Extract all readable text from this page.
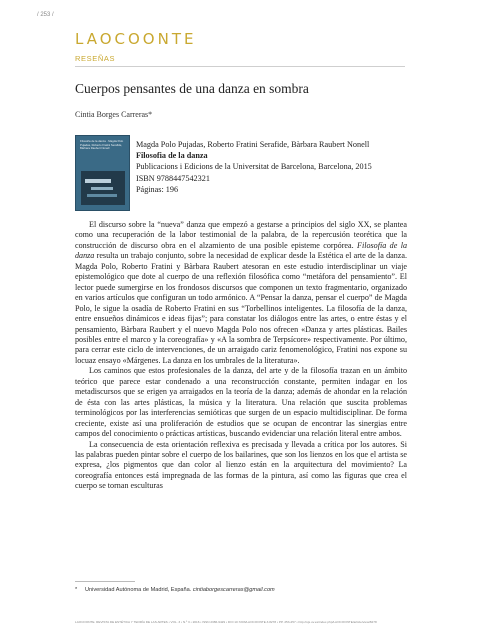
/ 253 /
LAOCOONTE
RESEÑAS
Cuerpos pensantes de una danza en sombra
Cintia Borges Carreras*
Filosofía de la danza · Magda Polo Pujadas, Roberto Fratini Serafide, Bàrbara Raubert Nonell	Magda Polo Pujadas, Roberto Fratini Serafide, Bàrbara Raubert Nonell
Filosofia de la danza
Publicacions i Edicions de la Universitat de Barcelona, Barcelona, 2015
ISBN 9788447542321
Páginas: 196

El discurso sobre la “nueva” danza que empezó a gestarse a principios del siglo XX, se plantea como una recuperación de la labor testimonial de la palabra, de la repercusión teorética que la construcción de discurso obra en el alzamiento de una posible episteme corpórea. Filosofía de la danza resulta un trabajo conjunto, sobre la necesidad de explicar desde la Estética el arte de la danza. Magda Polo, Roberto Fratini y Bàrbara Raubert atesoran en este estudio interdisciplinar un viaje epistemológico que dote al cuerpo de una reflexión filosófica como “metáfora del pensamiento”. El lector puede sumergirse en los frondosos discursos que componen un texto fragmentario, organizado en varios artículos que configuran un todo armónico. A “Pensar la danza, pensar el cuerpo” de Magda Polo, le sigue la osadía de Roberto Fratini en sus “Torbellinos inteligentes. La filosofía de la danza, entre ensueños dinámicos e ideas fijas”; para constatar los diálogos entre las artes, o entre éstas y el pensamiento, Bàrbara Raubert y el nuevo Magda Polo nos ofrecen «Danza y artes plásticas. Bailes posibles entre el marco y la coreografía» y «A la sombra de Terpsícore» respectivamente. Por último, para cerrar este ciclo de intervenciones, de un arraigado cariz fenomenológico, Fratini nos expone su locuaz ensayo «Márgenes. La danza en los umbrales de la literatura».

Los caminos que estos profesionales de la danza, del arte y de la filosofía trazan en un ámbito teórico que parece estar condenado a una reconstrucción constante, permiten indagar en los metadiscursos que se erigen ya arraigados en la teoría de la danza; además de ahondar en la relación de ésta con las artes plásticas, la música y la literatura. Una relación que suscita problemas terminológicos por las interferencias semióticas que surgen de un espacio multidisciplinar. De forma creciente, existe así una proliferación de estudios que se ocupan de encontrar las sinergias entre campos del conocimiento o prácticas artísticas, buscando evidenciar una relación literal entre ambos.

La consecuencia de esta orientación reflexiva es precisada y llevada a crítica por los autores. Si las palabras pueden pintar sobre el cuerpo de los bailarines, que son los lienzos en los que el artista se expresa, ¿los pigmentos que dan color al lienzo están en la arquitectura del movimiento? La coreografía entonces está impregnada de las formas de la pintura, así como las figuras que crea el cuerpo se tornan esculturas

* Universidad Autónoma de Madrid, España. cintiaborgescarreras@gmail.com
LAOCOONTE. REVISTA DE ESTÉTICA Y TEORÍA DE LAS ARTES • VOL. 3 • N.º 3 • 2016 • ISSN 2386-9429 • DOI 10.7203/LAOCOONTE.3.8278 • PP. 253-257 • http://ojs.uv.es/index.php/LAOCOONTE/article/view/8278
